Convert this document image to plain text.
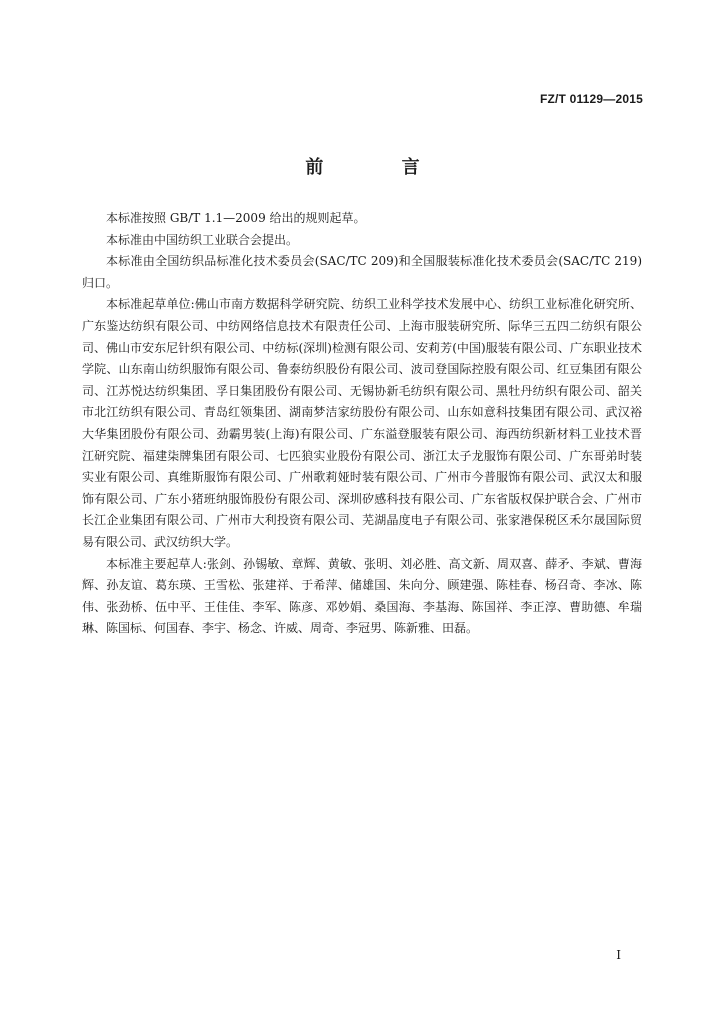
FZ/T 01129—2015
前 言

本标准按照 GB/T 1.1—2009 给出的规则起草。

本标准由中国纺织工业联合会提出。

本标准由全国纺织品标准化技术委员会(SAC/TC 209)和全国服装标准化技术委员会(SAC/TC 219)归口。

本标准起草单位:佛山市南方数据科学研究院、纺织工业科学技术发展中心、纺织工业标准化研究所、广东鉴达纺织有限公司、中纺网络信息技术有限责任公司、上海市服装研究所、际华三五四二纺织有限公司、佛山市安东尼针织有限公司、中纺标(深圳)检测有限公司、安莉芳(中国)服装有限公司、广东职业技术学院、山东南山纺织服饰有限公司、鲁泰纺织股份有限公司、波司登国际控股有限公司、红豆集团有限公司、江苏悦达纺织集团、孚日集团股份有限公司、无锡协新毛纺织有限公司、黑牡丹纺织有限公司、韶关市北江纺织有限公司、青岛红领集团、湖南梦洁家纺股份有限公司、山东如意科技集团有限公司、武汉裕大华集团股份有限公司、劲霸男装(上海)有限公司、广东溢登服装有限公司、海西纺织新材料工业技术晋江研究院、福建柒牌集团有限公司、七匹狼实业股份有限公司、浙江太子龙服饰有限公司、广东哥弟时装实业有限公司、真维斯服饰有限公司、广州歌莉娅时装有限公司、广州市今普服饰有限公司、武汉太和服饰有限公司、广东小猪班纳服饰股份有限公司、深圳矽感科技有限公司、广东省版权保护联合会、广州市长江企业集团有限公司、广州市大利投资有限公司、芜湖晶度电子有限公司、张家港保税区禾尔晟国际贸易有限公司、武汉纺织大学。

本标准主要起草人:张剑、孙锡敏、章辉、黄敏、张明、刘必胜、高文新、周双喜、薛矛、李斌、曹海辉、孙友谊、葛东瑛、王雪松、张建祥、于希萍、储雄国、朱向分、顾建强、陈桂春、杨召奇、李冰、陈伟、张劲桥、伍中平、王佳佳、李军、陈彦、邓妙娟、桑国海、李基海、陈国祥、李正淳、曹助德、牟瑞琳、陈国标、何国春、李宇、杨念、许威、周奇、李冠男、陈新雅、田磊。

I
